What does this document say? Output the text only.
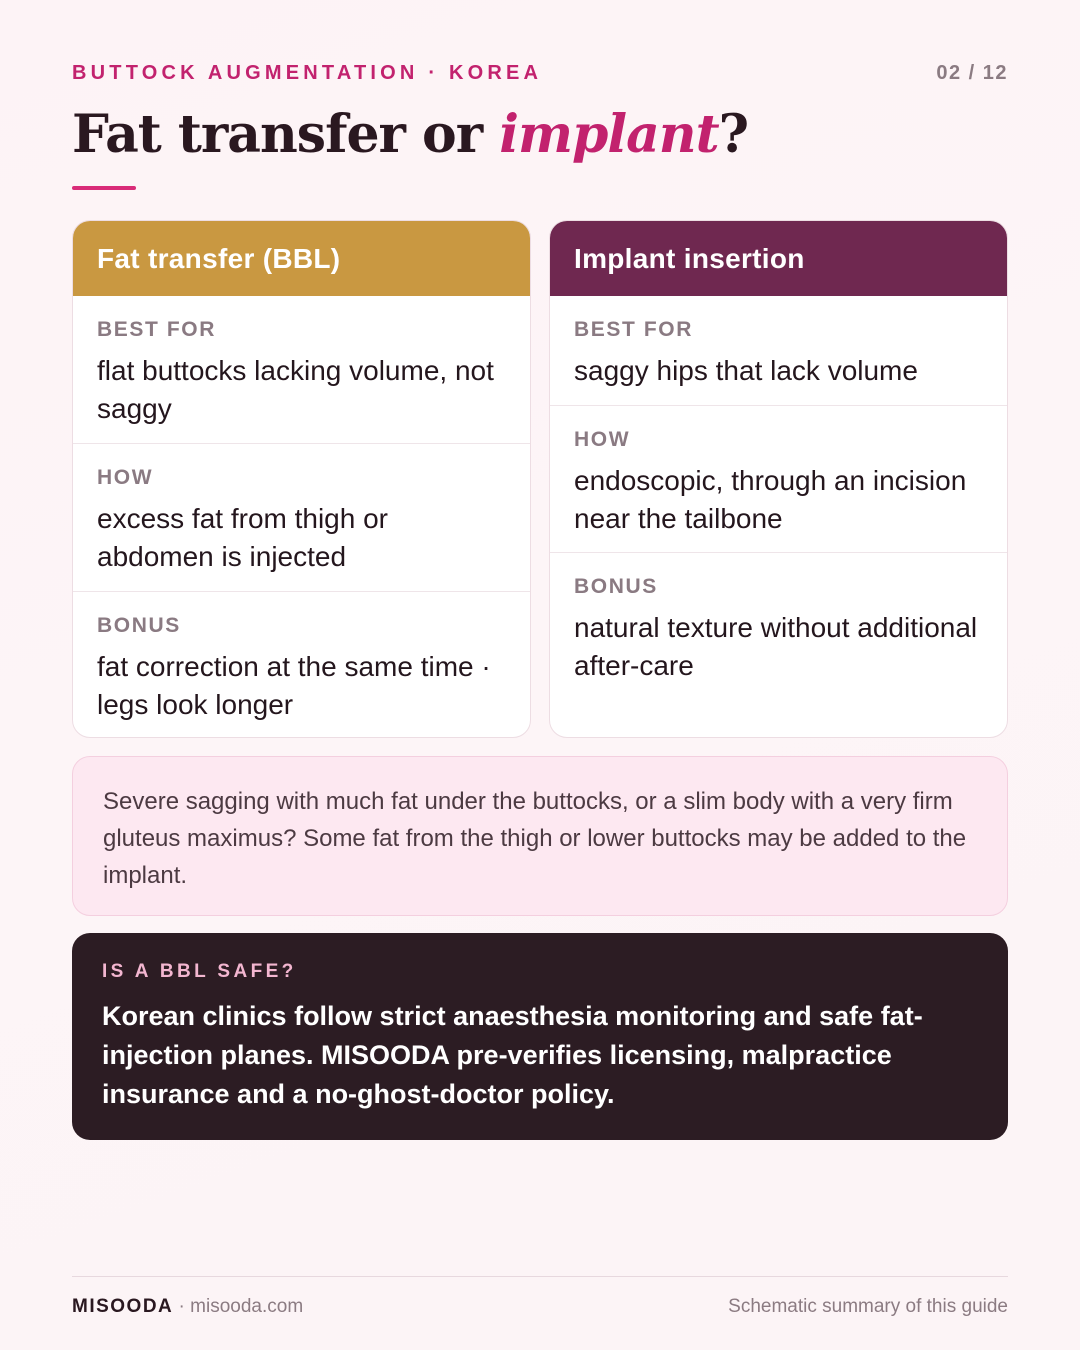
BUTTOCK AUGMENTATION · KOREA	02 / 12
Fat transfer or implant?
Fat transfer (BBL)
BEST FOR
flat buttocks lacking volume, not saggy
HOW
excess fat from thigh or abdomen is injected
BONUS
fat correction at the same time · legs look longer
Implant insertion
BEST FOR
saggy hips that lack volume
HOW
endoscopic, through an incision near the tailbone
BONUS
natural texture without additional after-care
Severe sagging with much fat under the buttocks, or a slim body with a very firm gluteus maximus? Some fat from the thigh or lower buttocks may be added to the implant.
IS A BBL SAFE?
Korean clinics follow strict anaesthesia monitoring and safe fat-injection planes. MISOODA pre-verifies licensing, malpractice insurance and a no-ghost-doctor policy.
MISOODA · misooda.com	Schematic summary of this guide
